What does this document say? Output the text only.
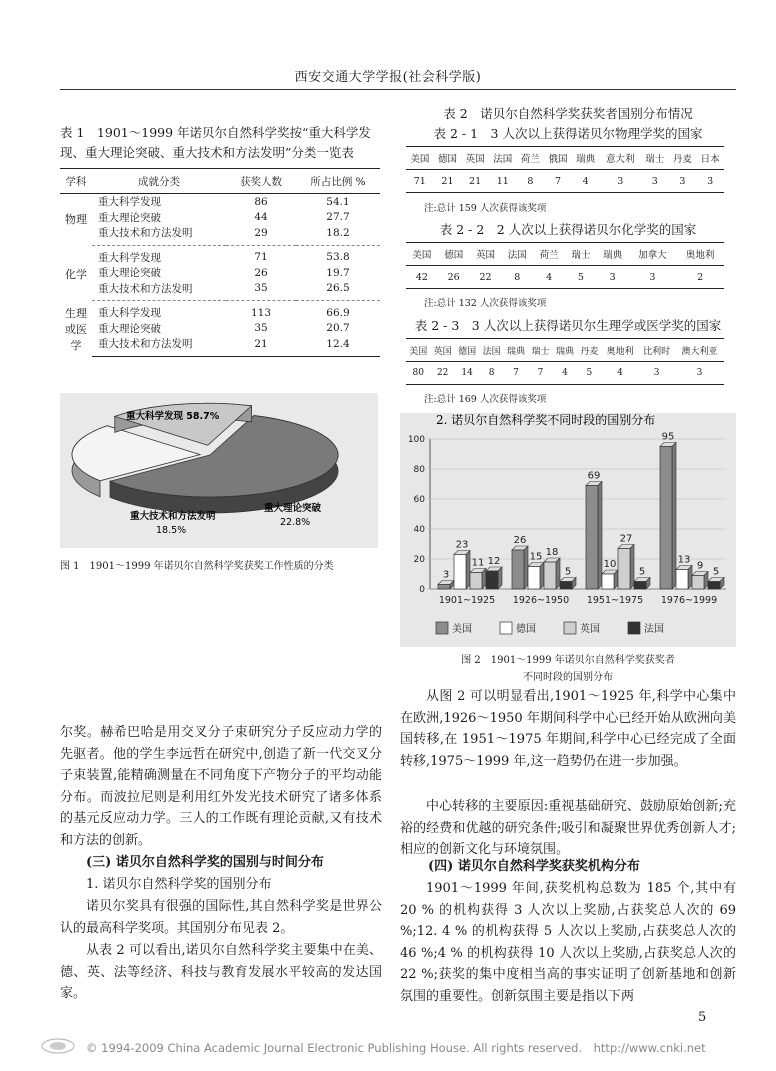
西安交通大学学报(社会科学版)
表 1　1901～1999 年诺贝尔自然科学奖按“重大科学发现、重大理论突破、重大技术和方法发明”分类一览表
学科	成就分类	获奖人数	所占比例 %
物理	重大科学发现	86	54.1
	重大理论突破	44	27.7
	重大技术和方法发明	29	18.2
化学	重大科学发现	71	53.8
	重大理论突破	26	19.7
	重大技术和方法发明	35	26.5
生理或医学	重大科学发现	113	66.9
	重大理论突破	35	20.7
	重大技术和方法发明	21	12.4
重大科学发现 58.7%
重大技术和方法发明
18.5%
重大理论突破
22.8%
图 1　1901～1999 年诺贝尔自然科学奖获奖工作性质的分类
表 2　诺贝尔自然科学奖获奖者国别分布情况
表 2 - 1　3 人次以上获得诺贝尔物理学奖的国家
美国	德国	英国	法国	荷兰	俄国	瑞典	意大利	瑞士	丹麦	日本
71	21	21	11	8	7	4	3	3	3	3
注:总计 159 人次获得该奖项
表 2 - 2　2 人次以上获得诺贝尔化学奖的国家
美国	德国	英国	法国	荷兰	瑞士	瑞典	加拿大	奥地利
42	26	22	8	4	5	3	3	2
注:总计 132 人次获得该奖项
表 2 - 3　3 人次以上获得诺贝尔生理学或医学奖的国家
美国	英国	德国	法国	瑞典	瑞士	瑞典	丹麦	奥地利	比利时	澳大利亚
80	22	14	8	7	7	4	5	4	3	3
注:总计 169 人次获得该奖项
2. 诺贝尔自然科学奖不同时段的国别分布
0
20
40
60
80
100
3
23
11 12
1901~1925
26
15 18
5
1926~1950
69
10
27
5
1951~1975
95
13
9
5
1976~1999
美国	德国	英国	法国
图 2　1901～1999 年诺贝尔自然科学奖获奖者
不同时段的国别分布
从图 2 可以明显看出,1901～1925 年,科学中心集中在欧洲,1926～1950 年期间科学中心已经开始从欧洲向美国转移,在 1951～1975 年期间,科学中心已经完成了全面转移,1975～1999 年,这一趋势仍在进一步加强。
中心转移的主要原因:重视基础研究、鼓励原始创新;充裕的经费和优越的研究条件;吸引和凝聚世界优秀创新人才;相应的创新文化与环境氛围。
(四) 诺贝尔自然科学奖获奖机构分布
1901～1999 年间,获奖机构总数为 185 个,其中有 20 % 的机构获得 3 人次以上奖励,占获奖总人次的 69 %;12. 4 % 的机构获得 5 人次以上奖励,占获奖总人次的 46 %;4 % 的机构获得 10 人次以上奖励,占获奖总人次的 22 %;获奖的集中度相当高的事实证明了创新基地和创新氛围的重要性。创新氛围主要是指以下两
尔奖。赫希巴哈是用交叉分子束研究分子反应动力学的先驱者。他的学生李远哲在研究中,创造了新一代交叉分子束装置,能精确测量在不同角度下产物分子的平均动能分布。而波拉尼则是利用红外发光技术研究了诸多体系的基元反应动力学。三人的工作既有理论贡献,又有技术和方法的创新。
(三) 诺贝尔自然科学奖的国别与时间分布
1. 诺贝尔自然科学奖的国别分布
诺贝尔奖具有很强的国际性,其自然科学奖是世界公认的最高科学奖项。其国别分布见表 2。
从表 2 可以看出,诺贝尔自然科学奖主要集中在美、德、英、法等经济、科技与教育发展水平较高的发达国家。
5
© 1994-2009 China Academic Journal Electronic Publishing House. All rights reserved.　http://www.cnki.net
